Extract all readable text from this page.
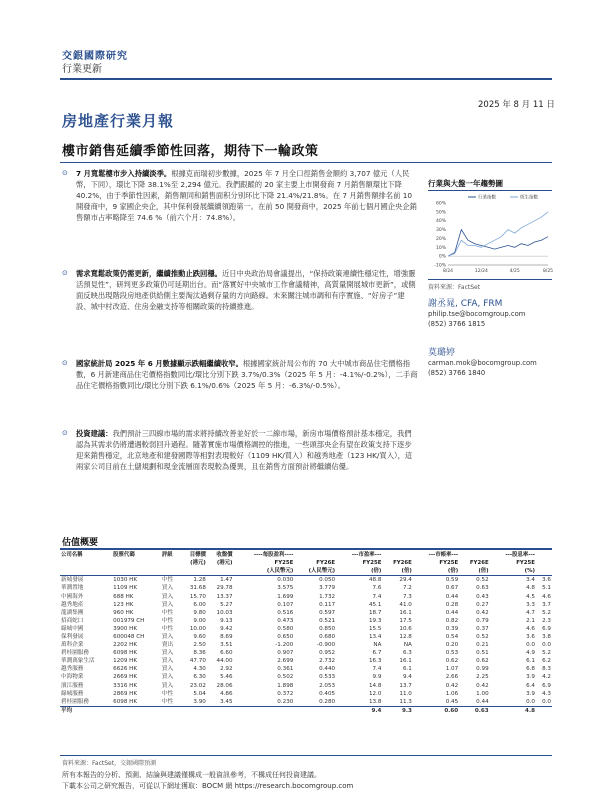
交銀國際研究
行業更新
2025 年 8 月 11 日
房地產行業月報
樓市銷售延續季節性回落，期待下一輪政策
⊙ 7 月寬鬆樓市步入持續淡季。根據克而瑞初步數據，2025 年 7 月全口徑銷售金額約 3,707 億元（人民幣，下同），環比下降 38.1%至 2,294 億元。我們跟蹤的 20 家主要上市開發商 7 月銷售額環比下降 40.2%，由于季節性因素，銷售額同和銷售面积分别环比下降 21.4%/21.8%。在 7 月銷售額排名前 10 開發商中，9 家國企央企，其中保利發展繼續領跑第一。在前 50 開發商中，2025 年前七個月國企央企銷售額市占率略降至 74.6 %（前六个月：74.8%）。
⊙ 需求寬鬆政策仍需更新，繼續推動止跌回穩。近日中央政治局會議提出，“保持政策連續性穩定性，增強靈活預見性”，研判更多政策仍可延期出台。而“落實好中央城市工作會議精神，高質量開展城市更新”，或側面反映出現階段房地產供給側主要淘汰過剩存量的方向路線。未來關注城市調和有序實施、“好房子”建設、城中村改造、住房金融支持等相關政策的持續推進。
⊙ 國家統計局 2025 年 6 月數據顯示跌幅繼續收窄。根據國家統計局公布的 70 大中城市商品住宅價格指數，6 月新建商品住宅價格指數同比/環比分別下跌 3.7%/0.3%（2025 年 5 月：-4.1%/-0.2%），二手商品住宅價格指數同比/環比分別下跌 6.1%/0.6%（2025 年 5 月：-6.3%/-0.5%）。
⊙ 投資建議：我們預計三四線市場的需求將持續改善並好於一二線市場，新房市場價格預計基本穩定，我們認為其需求仍將遭遇較弱回升過程。隨著實施市場價格調控的推進，一些頭部央企有望在政策支持下逐步迎來銷售穩定，北京地產和建發國際等相對表現較好（1109 HK/買入）和越秀地產（123 HK/買入），這兩家公司目前在土儲規劃和現金流層面表現較為優異，且在銷售方面預計將繼續佔優。
行業與大盤一年趨勢圖
60%
50%
40%
30%
20%
10%
0%
-10%
8/24	12/24	4/25	8/25
行業指數	恆生指數
資料來源：FactSet
謝丞晁, CFA, FRM
philip.tse@bocomgroup.com
(852) 3766 1815
莫璐婷
carman.mok@bocomgroup.com
(852) 3766 1840
估值概要
公司名稱	股票代碼	評級	目標價	收盤價	----每股盈利----		---市盈率---		---市帳率---		---股息率---	
			(港元)	(港元)	FY25E	FY26E	FY25E	FY26E	FY25E	FY26E	FY25E	
					(人民幣元)	(人民幣元)	(倍)	(倍)	(倍)	(倍)	(%)	
新城發展	1030 HK	中性	1.28	1.47	0.030	0.050	48.8	29.4	0.59	0.52	3.4	3.6
華潤置地	1109 HK	買入	31.68	29.78	3.575	3.779	7.6	7.2	0.67	0.63	4.8	5.1
中國海外	688 HK	買入	15.70	13.37	1.699	1.732	7.4	7.3	0.44	0.43	4.5	4.6
越秀地產	123 HK	買入	6.00	5.27	0.107	0.117	45.1	41.0	0.28	0.27	3.3	3.7
龍湖集團	960 HK	中性	9.80	10.03	0.516	0.597	18.7	16.1	0.44	0.42	4.7	5.2
招商蛇口	001979 CH	中性	9.00	9.13	0.473	0.521	19.3	17.5	0.82	0.79	2.1	2.3
綠城中國	3900 HK	中性	10.00	9.42	0.580	0.850	15.5	10.6	0.39	0.37	4.6	6.9
保利發展	600048 CH	買入	9.60	8.69	0.650	0.680	13.4	12.8	0.54	0.52	3.6	3.8
萬科企業	2202 HK	賣出	2.50	3.51	-1.200	-0.900	NA	NA	0.20	0.21	0.0	0.0
碧桂園服務	6098 HK	買入	8.36	6.60	0.907	0.952	6.7	6.3	0.53	0.51	4.9	5.2
華潤萬象生活	1209 HK	買入	47.70	44.00	2.699	2.732	16.3	16.1	0.62	0.62	6.1	6.2
越秀服務	6626 HK	買入	4.30	2.92	0.361	0.440	7.4	6.1	1.07	0.99	6.8	8.3
中海物業	2669 HK	買入	6.30	5.46	0.502	0.533	9.9	9.4	2.66	2.25	3.9	4.2
濱江服務	3316 HK	買入	23.02	28.06	1.898	2.053	14.8	13.7	0.42	0.42	6.4	6.9
綠城服務	2869 HK	中性	5.04	4.86	0.372	0.405	12.0	11.0	1.06	1.00	3.9	4.3
碧桂園服務	6098 HK	中性	3.90	3.45	0.230	0.280	13.8	11.3	0.45	0.44	0.0	0.0
平均							9.4	9.3	0.60	0.63	4.8	
資料來源：FactSet，交銀國際預測
所有本報告的分析、預測、結論與建議僅構成一般資訊參考，不構成任何投資建議。
下載本公司之研究報告，可從以下網址獲取：BOCM 網 https://research.bocomgroup.com
